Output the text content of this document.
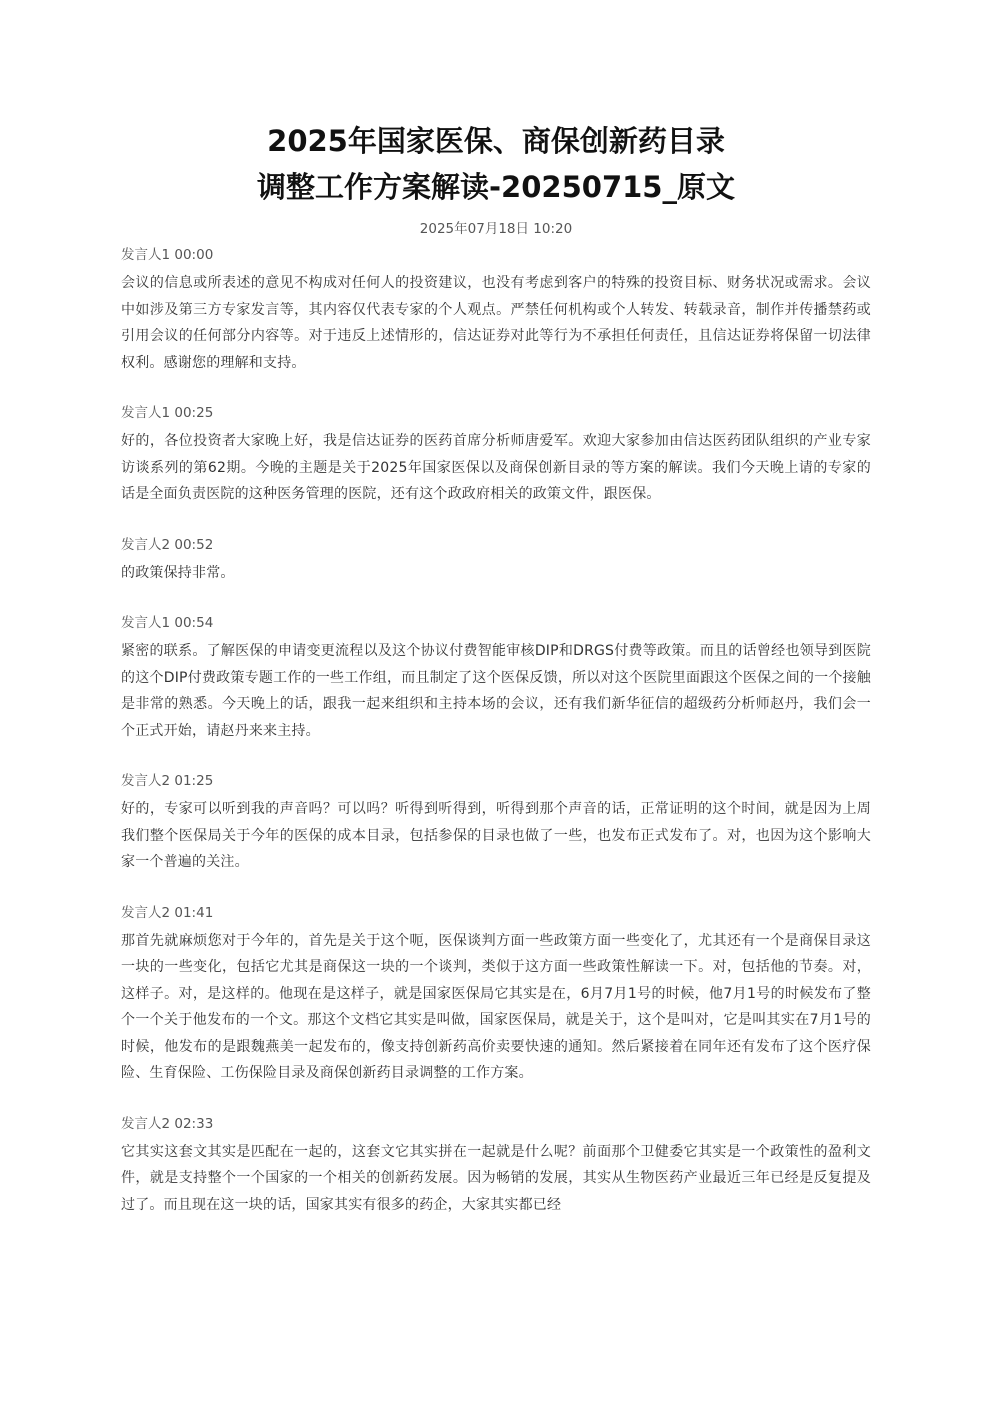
2025年国家医保、商保创新药目录
调整工作方案解读-20250715_原文
2025年07月18日 10:20
发言人1 00:00

会议的信息或所表述的意见不构成对任何人的投资建议，也没有考虑到客户的特殊的投资目标、财务状况或需求。会议中如涉及第三方专家发言等，其内容仅代表专家的个人观点。严禁任何机构或个人转发、转载录音，制作并传播禁药或引用会议的任何部分内容等。对于违反上述情形的，信达证券对此等行为不承担任何责任，且信达证券将保留一切法律权利。感谢您的理解和支持。

发言人1 00:25

好的，各位投资者大家晚上好，我是信达证券的医药首席分析师唐爱军。欢迎大家参加由信达医药团队组织的产业专家访谈系列的第62期。今晚的主题是关于2025年国家医保以及商保创新目录的等方案的解读。我们今天晚上请的专家的话是全面负责医院的这种医务管理的医院，还有这个政政府相关的政策文件，跟医保。

发言人2 00:52

的政策保持非常。

发言人1 00:54

紧密的联系。了解医保的申请变更流程以及这个协议付费智能审核DIP和DRGS付费等政策。而且的话曾经也领导到医院的这个DIP付费政策专题工作的一些工作组，而且制定了这个医保反馈，所以对这个医院里面跟这个医保之间的一个接触是非常的熟悉。今天晚上的话，跟我一起来组织和主持本场的会议，还有我们新华征信的超级药分析师赵丹，我们会一个正式开始，请赵丹来来主持。

发言人2 01:25

好的，专家可以听到我的声音吗？可以吗？听得到听得到，听得到那个声音的话，正常证明的这个时间，就是因为上周我们整个医保局关于今年的医保的成本目录，包括参保的目录也做了一些，也发布正式发布了。对，也因为这个影响大家一个普遍的关注。

发言人2 01:41

那首先就麻烦您对于今年的，首先是关于这个呃，医保谈判方面一些政策方面一些变化了，尤其还有一个是商保目录这一块的一些变化，包括它尤其是商保这一块的一个谈判，类似于这方面一些政策性解读一下。对，包括他的节奏。对，这样子。对，是这样的。他现在是这样子，就是国家医保局它其实是在，6月7月1号的时候，他7月1号的时候发布了整个一个关于他发布的一个文。那这个文档它其实是叫做，国家医保局，就是关于，这个是叫对，它是叫其实在7月1号的时候，他发布的是跟魏燕美一起发布的，像支持创新药高价卖要快速的通知。然后紧接着在同年还有发布了这个医疗保险、生育保险、工伤保险目录及商保创新药目录调整的工作方案。

发言人2 02:33

它其实这套文其实是匹配在一起的，这套文它其实拼在一起就是什么呢？前面那个卫健委它其实是一个政策性的盈利文件，就是支持整个一个国家的一个相关的创新药发展。因为畅销的发展，其实从生物医药产业最近三年已经是反复提及过了。而且现在这一块的话，国家其实有很多的药企，大家其实都已经
